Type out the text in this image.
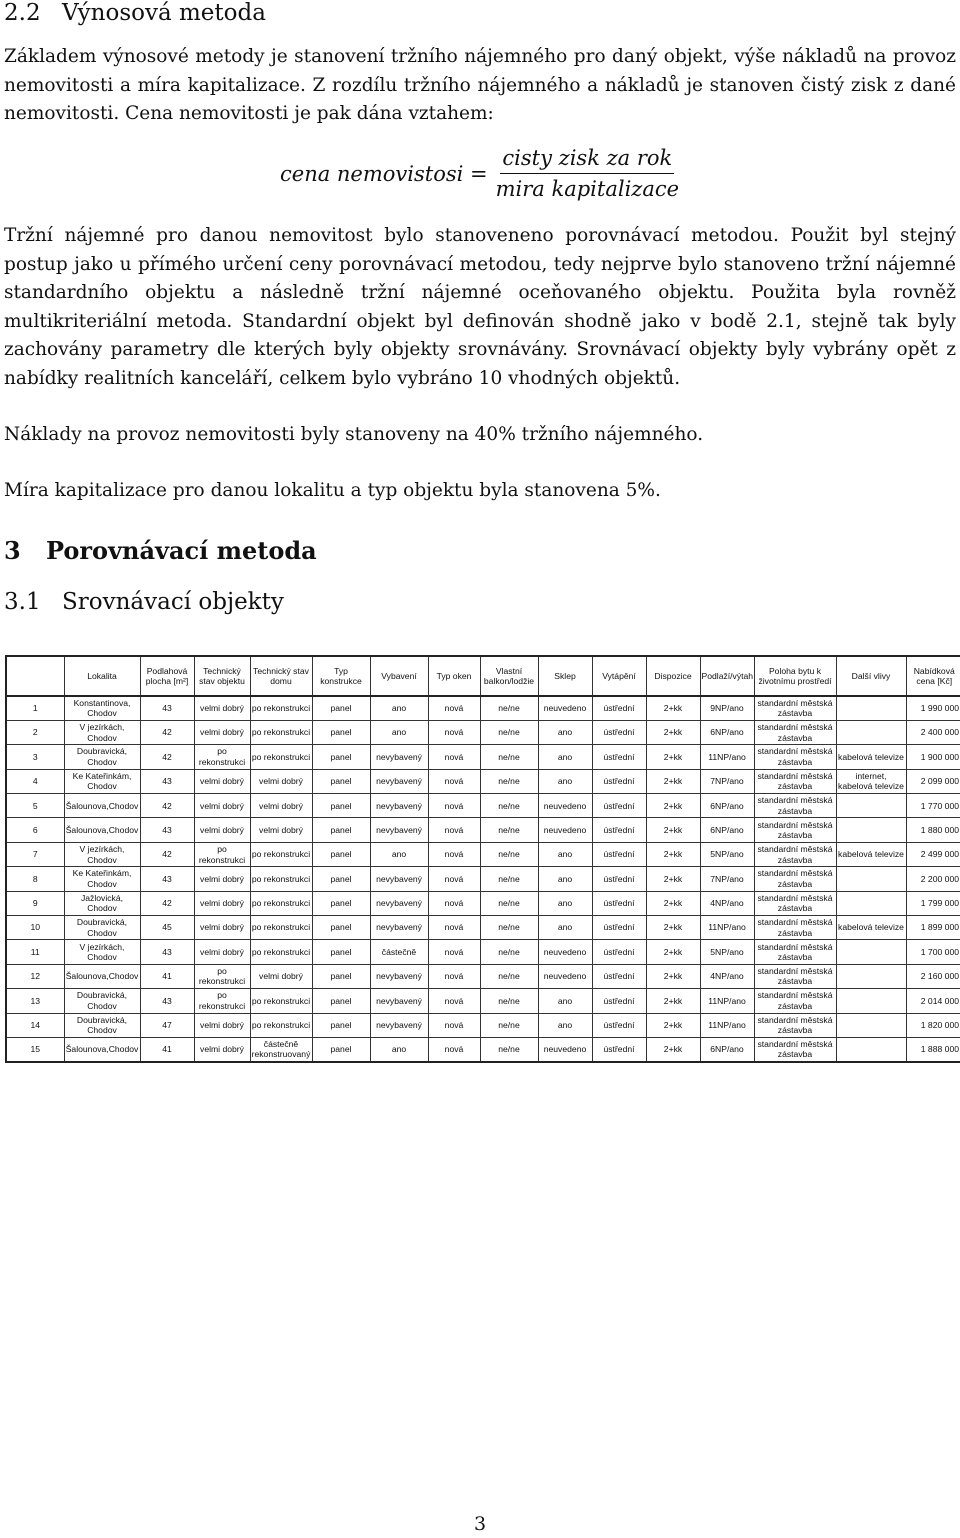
2.2 Výnosová metoda

Základem výnosové metody je stanovení tržního nájemného pro daný objekt, výše nákladů na provoz nemovitosti a míra kapitalizace. Z rozdílu tržního nájemného a nákladů je stanoven čistý zisk z dané nemovitosti. Cena nemovitosti je pak dána vztahem:

cena nemovistosi = $\frac{\text{cisty zisk za rok}}{\text{mira kapitalizace}}$

Tržní nájemné pro danou nemovitost bylo stanoveneno porovnávací metodou. Použit byl stejný postup jako u přímého určení ceny porovnávací metodou, tedy nejprve bylo stanoveno tržní nájemné standardního objektu a následně tržní nájemné oceňovaného objektu. Použita byla rovněž multikriteriální metoda. Standardní objekt byl definován shodně jako v bodě 2.1, stejně tak byly zachovány parametry dle kterých byly objekty srovnávány. Srovnávací objekty byly vybrány opět z nabídky realitních kanceláří, celkem bylo vybráno 10 vhodných objektů.

Náklady na provoz nemovitosti byly stanoveny na 40% tržního nájemného.

Míra kapitalizace pro danou lokalitu a typ objektu byla stanovena 5%.

3 Porovnávací metoda
3.1 Srovnávací objekty
	Lokalita	Podlahová plocha [m²]	Technický stav objektu	Technický stav domu	Typ konstrukce	Vybavení	Typ oken	Vlastní balkon/lodžie	Sklep	Vytápění	Dispozice	Podlaží/výtah	Poloha bytu k životnímu prostředí	Další vlivy	Nabídková cena [Kč]
1	Konstantinova, Chodov	43	velmi dobrý	po rekonstrukci	panel	ano	nová	ne/ne	neuvedeno	ústřední	2+kk	9NP/ano	standardní městská zástavba		1 990 000
2	V jezírkách, Chodov	42	velmi dobrý	po rekonstrukci	panel	ano	nová	ne/ne	ano	ústřední	2+kk	6NP/ano	standardní městská zástavba		2 400 000
3	Doubravická, Chodov	42	po rekonstrukci	po rekonstrukci	panel	nevybavený	nová	ne/ne	ano	ústřední	2+kk	11NP/ano	standardní městská zástavba	kabelová televize	1 900 000
4	Ke Kateřinkám, Chodov	43	velmi dobrý	velmi dobrý	panel	nevybavený	nová	ne/ne	ano	ústřední	2+kk	7NP/ano	standardní městská zástavba	internet, kabelová televize	2 099 000
5	Šalounova,Chodov	42	velmi dobrý	velmi dobrý	panel	nevybavený	nová	ne/ne	neuvedeno	ústřední	2+kk	6NP/ano	standardní městská zástavba		1 770 000
6	Šalounova,Chodov	43	velmi dobrý	velmi dobrý	panel	nevybavený	nová	ne/ne	neuvedeno	ústřední	2+kk	6NP/ano	standardní městská zástavba		1 880 000
7	V jezírkách, Chodov	42	po rekonstrukci	po rekonstrukci	panel	ano	nová	ne/ne	ano	ústřední	2+kk	5NP/ano	standardní městská zástavba	kabelová televize	2 499 000
8	Ke Kateřinkám, Chodov	43	velmi dobrý	po rekonstrukci	panel	nevybavený	nová	ne/ne	ano	ústřední	2+kk	7NP/ano	standardní městská zástavba		2 200 000
9	Jažlovická, Chodov	42	velmi dobrý	po rekonstrukci	panel	nevybavený	nová	ne/ne	ano	ústřední	2+kk	4NP/ano	standardní městská zástavba		1 799 000
10	Doubravická, Chodov	45	velmi dobrý	po rekonstrukci	panel	nevybavený	nová	ne/ne	ano	ústřední	2+kk	11NP/ano	standardní městská zástavba	kabelová televize	1 899 000
11	V jezírkách, Chodov	43	velmi dobrý	po rekonstrukci	panel	částečně	nová	ne/ne	neuvedeno	ústřední	2+kk	5NP/ano	standardní městská zástavba		1 700 000
12	Šalounova,Chodov	41	po rekonstrukci	velmi dobrý	panel	nevybavený	nová	ne/ne	neuvedeno	ústřední	2+kk	4NP/ano	standardní městská zástavba		2 160 000
13	Doubravická, Chodov	43	po rekonstrukci	po rekonstrukci	panel	nevybavený	nová	ne/ne	ano	ústřední	2+kk	11NP/ano	standardní městská zástavba		2 014 000
14	Doubravická, Chodov	47	velmi dobrý	po rekonstrukci	panel	nevybavený	nová	ne/ne	ano	ústřední	2+kk	11NP/ano	standardní městská zástavba		1 820 000
15	Šalounova,Chodov	41	velmi dobrý	částečně rekonstruovaný	panel	ano	nová	ne/ne	neuvedeno	ústřední	2+kk	6NP/ano	standardní městská zástavba		1 888 000
3
